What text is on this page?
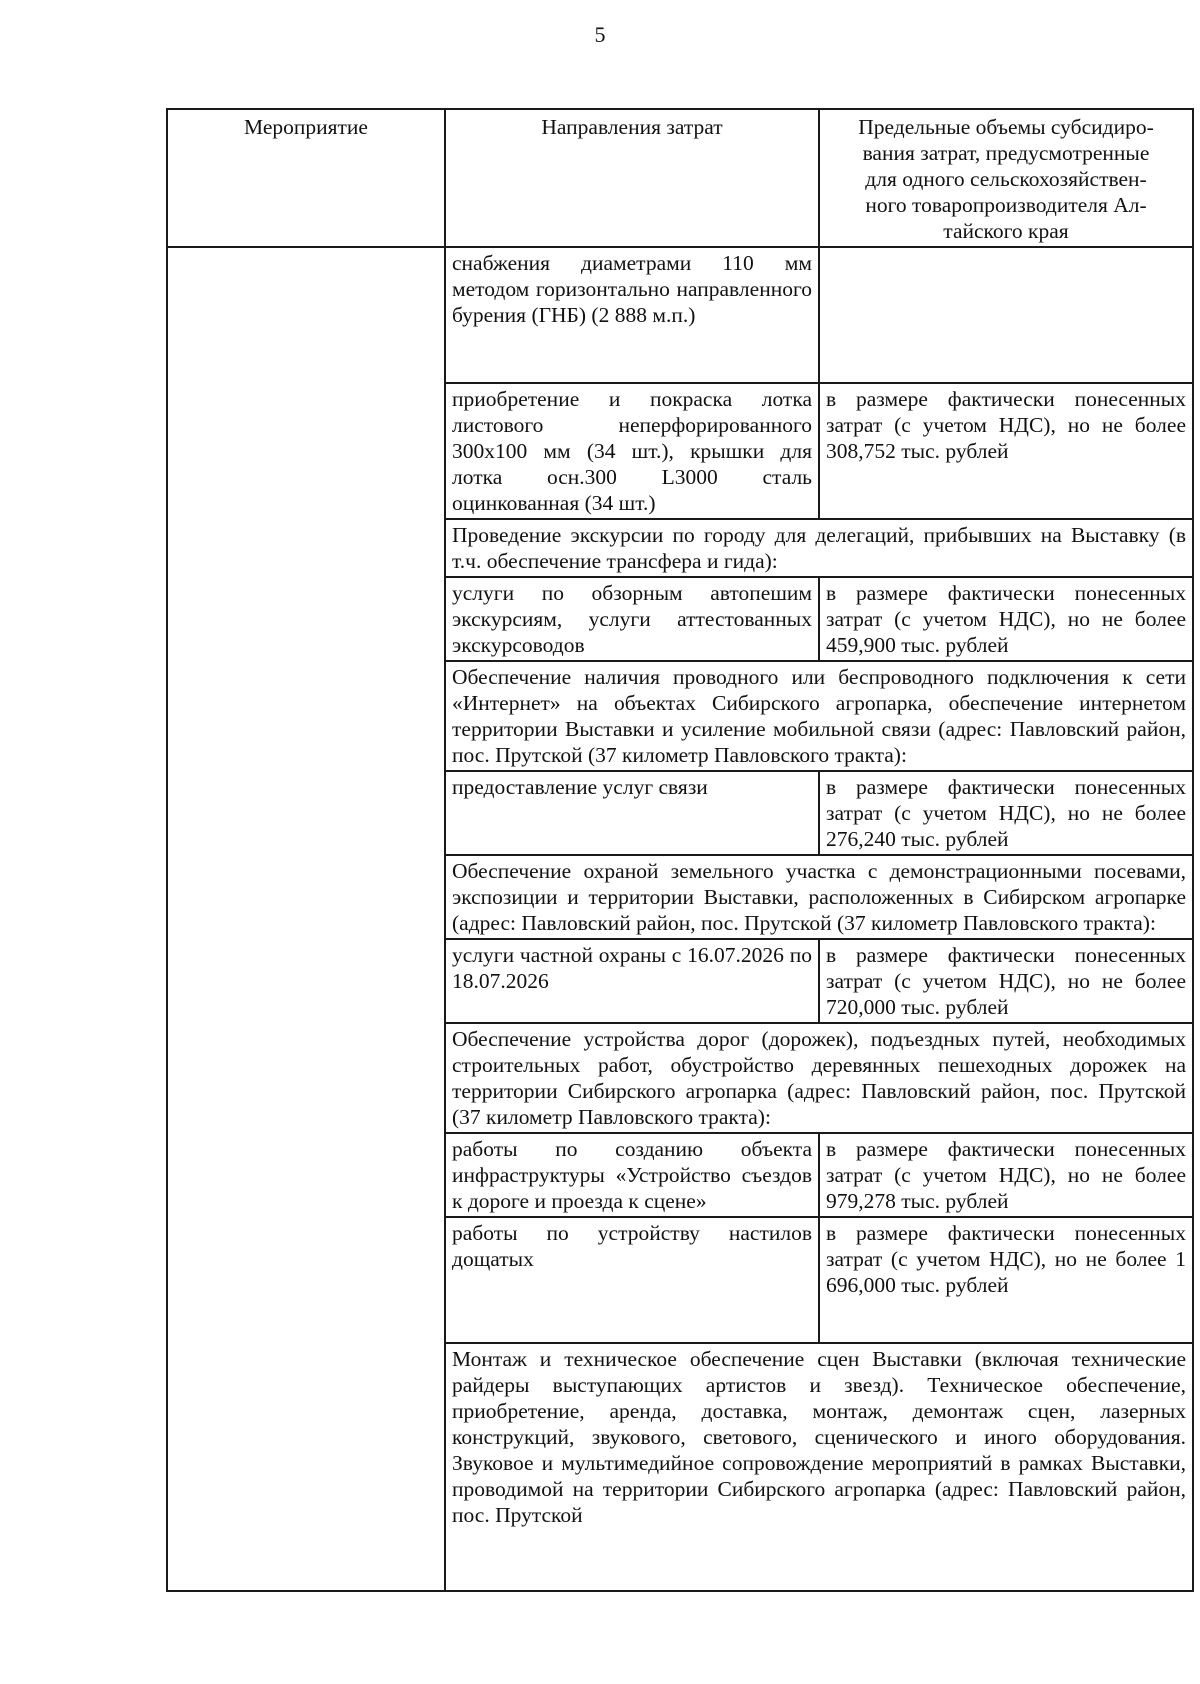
5
Мероприятие	Направления затрат	Предельные объемы субсидиро-
вания затрат, предусмотренные
для одного сельскохозяйствен-
ного товаропроизводителя Ал-
тайского края
	снабжения диаметрами 110 мм методом горизонтально направленного бурения (ГНБ) (2 888 м.п.)	
	приобретение и покраска лотка листового неперфорированного 300х100 мм (34 шт.), крышки для лотка осн.300 L3000 сталь оцинкованная (34 шт.)	в размере фактически понесенных затрат (с учетом НДС), но не более 308,752 тыс. рублей
	Проведение экскурсии по городу для делегаций, прибывших на Выставку (в т.ч. обеспечение трансфера и гида):	
	услуги по обзорным автопешим экскурсиям, услуги аттестованных экскурсоводов	в размере фактически понесенных затрат (с учетом НДС), но не более 459,900 тыс. рублей
	Обеспечение наличия проводного или беспроводного подключения к сети «Интернет» на объектах Сибирского агропарка, обеспечение интернетом территории Выставки и усиление мобильной связи (адрес: Павловский район, пос. Прутской (37 километр Павловского тракта):	
	предоставление услуг связи	в размере фактически понесенных затрат (с учетом НДС), но не более 276,240 тыс. рублей
	Обеспечение охраной земельного участка с демонстрационными посевами, экспозиции и территории Выставки, расположенных в Сибирском агропарке (адрес: Павловский район, пос. Прутской (37 километр Павловского тракта):	
	услуги частной охраны с 16.07.2026 по 18.07.2026	в размере фактически понесенных затрат (с учетом НДС), но не более 720,000 тыс. рублей
	Обеспечение устройства дорог (дорожек), подъездных путей, необходимых строительных работ, обустройство деревянных пешеходных дорожек на территории Сибирского агропарка (адрес: Павловский район, пос. Прутской (37 километр Павловского тракта):	
	работы по созданию объекта инфраструктуры «Устройство съездов к дороге и проезда к сцене»	в размере фактически понесенных затрат (с учетом НДС), но не более 979,278 тыс. рублей
	работы по устройству настилов дощатых	в размере фактически понесенных затрат (с учетом НДС), но не более 1 696,000 тыс. рублей
	Монтаж и техническое обеспечение сцен Выставки (включая технические райдеры выступающих артистов и звезд). Техническое обеспечение, приобретение, аренда, доставка, монтаж, демонтаж сцен, лазерных конструкций, звукового, светового, сценического и иного оборудования. Звуковое и мультимедийное сопровождение мероприятий в рамках Выставки, проводимой на территории Сибирского агропарка (адрес: Павловский район, пос. Прутской	
